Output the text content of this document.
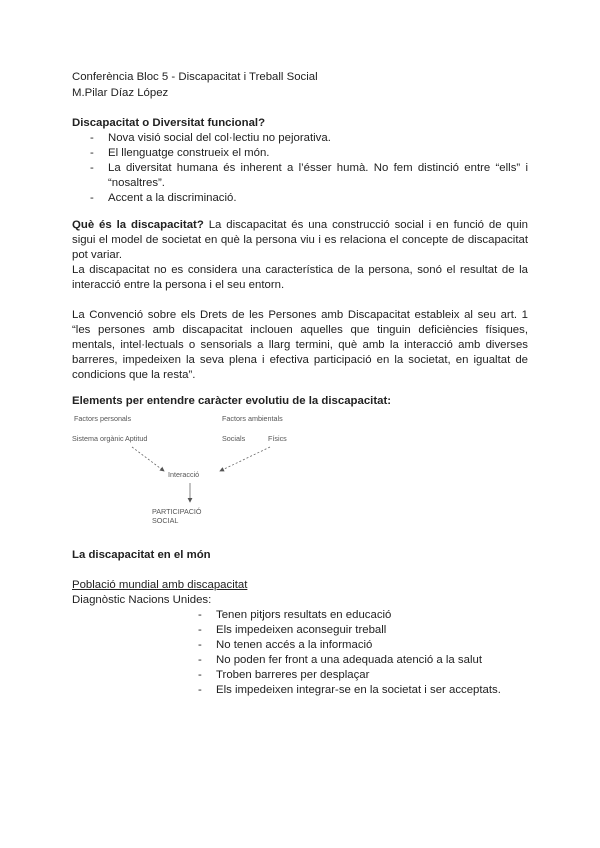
Conferència Bloc 5 - Discapacitat i Treball Social
M.Pilar Díaz López
Discapacitat o Diversitat funcional?
- Nova visió social del col·lectiu no pejorativa.
- El llenguatge construeix el món.
- La diversitat humana és inherent a l’ésser humà. No fem distinció entre “ells” i “nosaltres”.
- Accent a la discriminació.

Què és la discapacitat? La discapacitat és una construcció social i en funció de quin sigui el model de societat en què la persona viu i es relaciona el concepte de discapacitat pot variar.

La discapacitat no es considera una característica de la persona, sonó el resultat de la interacció entre la persona i el seu entorn.

La Convenció sobre els Drets de les Persones amb Discapacitat estableix al seu art. 1 “les persones amb discapacitat inclouen aquelles que tinguin deficiències físiques, mentals, intel·lectuals o sensorials a llarg termini, què amb la interacció amb diverses barreres, impedeixen la seva plena i efectiva participació en la societat, en igualtat de condicions que la resta”.

Elements per entendre caràcter evolutiu de la discapacitat:
Factors personals	Factors ambientals
Sistema orgànic Aptitud	Socials	Físics
Interacció
PARTICIPACIÓ
SOCIAL
La discapacitat en el món
Població mundial amb discapacitat
Diagnòstic Nacions Unides:
- Tenen pitjors resultats en educació
- Els impedeixen aconseguir treball
- No tenen accés a la informació
- No poden fer front a una adequada atenció a la salut
- Troben barreres per desplaçar
- Els impedeixen integrar-se en la societat i ser acceptats.
